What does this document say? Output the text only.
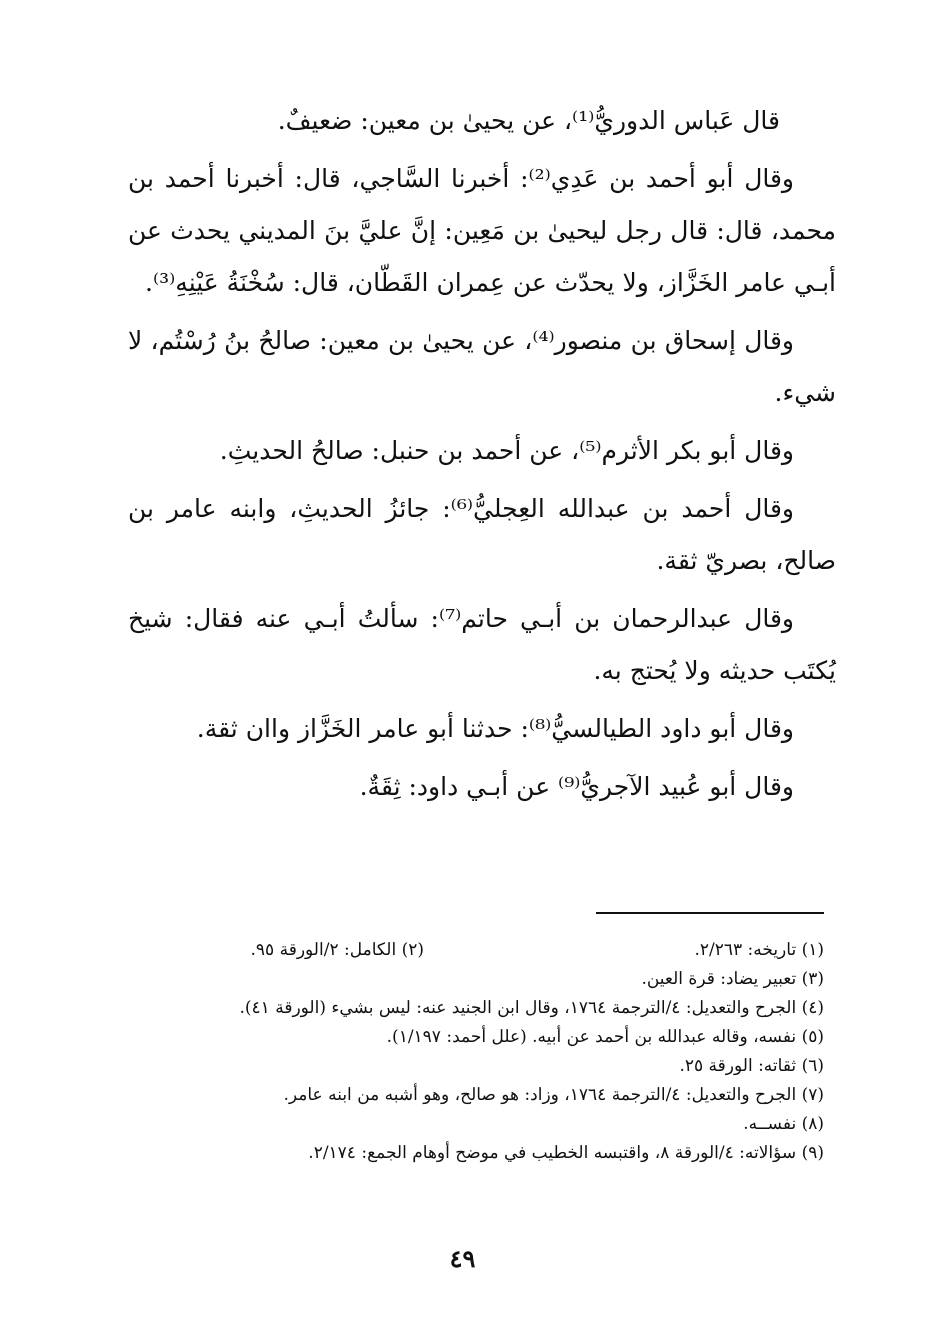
قال عَباس الدوريُّ⁽¹⁾، عن يحيىٰ بن معين: ضعيفٌ.

وقال أبو أحمد بن عَدِي⁽²⁾: أخبرنا السَّاجي، قال: أخبرنا أحمد بن محمد، قال: قال رجل ليحيىٰ بن مَعِين: إنَّ عليَّ بنَ المديني يحدث عن أبـي عامر الخَزَّاز، ولا يحدّث عن عِمران القَطّان، قال: سُخْنَةُ عَيْنِهِ⁽³⁾.

وقال إسحاق بن منصور⁽⁴⁾، عن يحيىٰ بن معين: صالحُ بنُ رُسْتُم، لا شيء.

وقال أبو بكر الأثرم⁽⁵⁾، عن أحمد بن حنبل: صالحُ الحديثِ.

وقال أحمد بن عبدالله العِجليُّ⁽⁶⁾: جائزُ الحديثِ، وابنه عامر بن صالح، بصريّ ثقة.

وقال عبدالرحمان بن أبـي حاتم⁽⁷⁾: سألتُ أبـي عنه فقال: شيخ يُكتَب حديثه ولا يُحتج به.

وقال أبو داود الطيالسيُّ⁽⁸⁾: حدثنا أبو عامر الخَزَّاز واان ثقة.

وقال أبو عُبيد الآجريُّ⁽⁹⁾ عن أبـي داود: ثِقَةٌ.

(١) تاريخه: ٢/٢٦٣.
(٢) الكامل: ٢/الورقة ٩٥.
(٣) تعبير يضاد: قرة العين.
(٤) الجرح والتعديل: ٤/الترجمة ١٧٦٤، وقال ابن الجنيد عنه: ليس بشيء (الورقة ٤١).
(٥) نفسه، وقاله عبدالله بن أحمد عن أبيه. (علل أحمد: ١/١٩٧).
(٦) ثقاته: الورقة ٢٥.
(٧) الجرح والتعديل: ٤/الترجمة ١٧٦٤، وزاد: هو صالح، وهو أشبه من ابنه عامر.
(٨) نفســه.
(٩) سؤالاته: ٤/الورقة ٨، واقتبسه الخطيب في موضح أوهام الجمع: ٢/١٧٤.
٤٩
